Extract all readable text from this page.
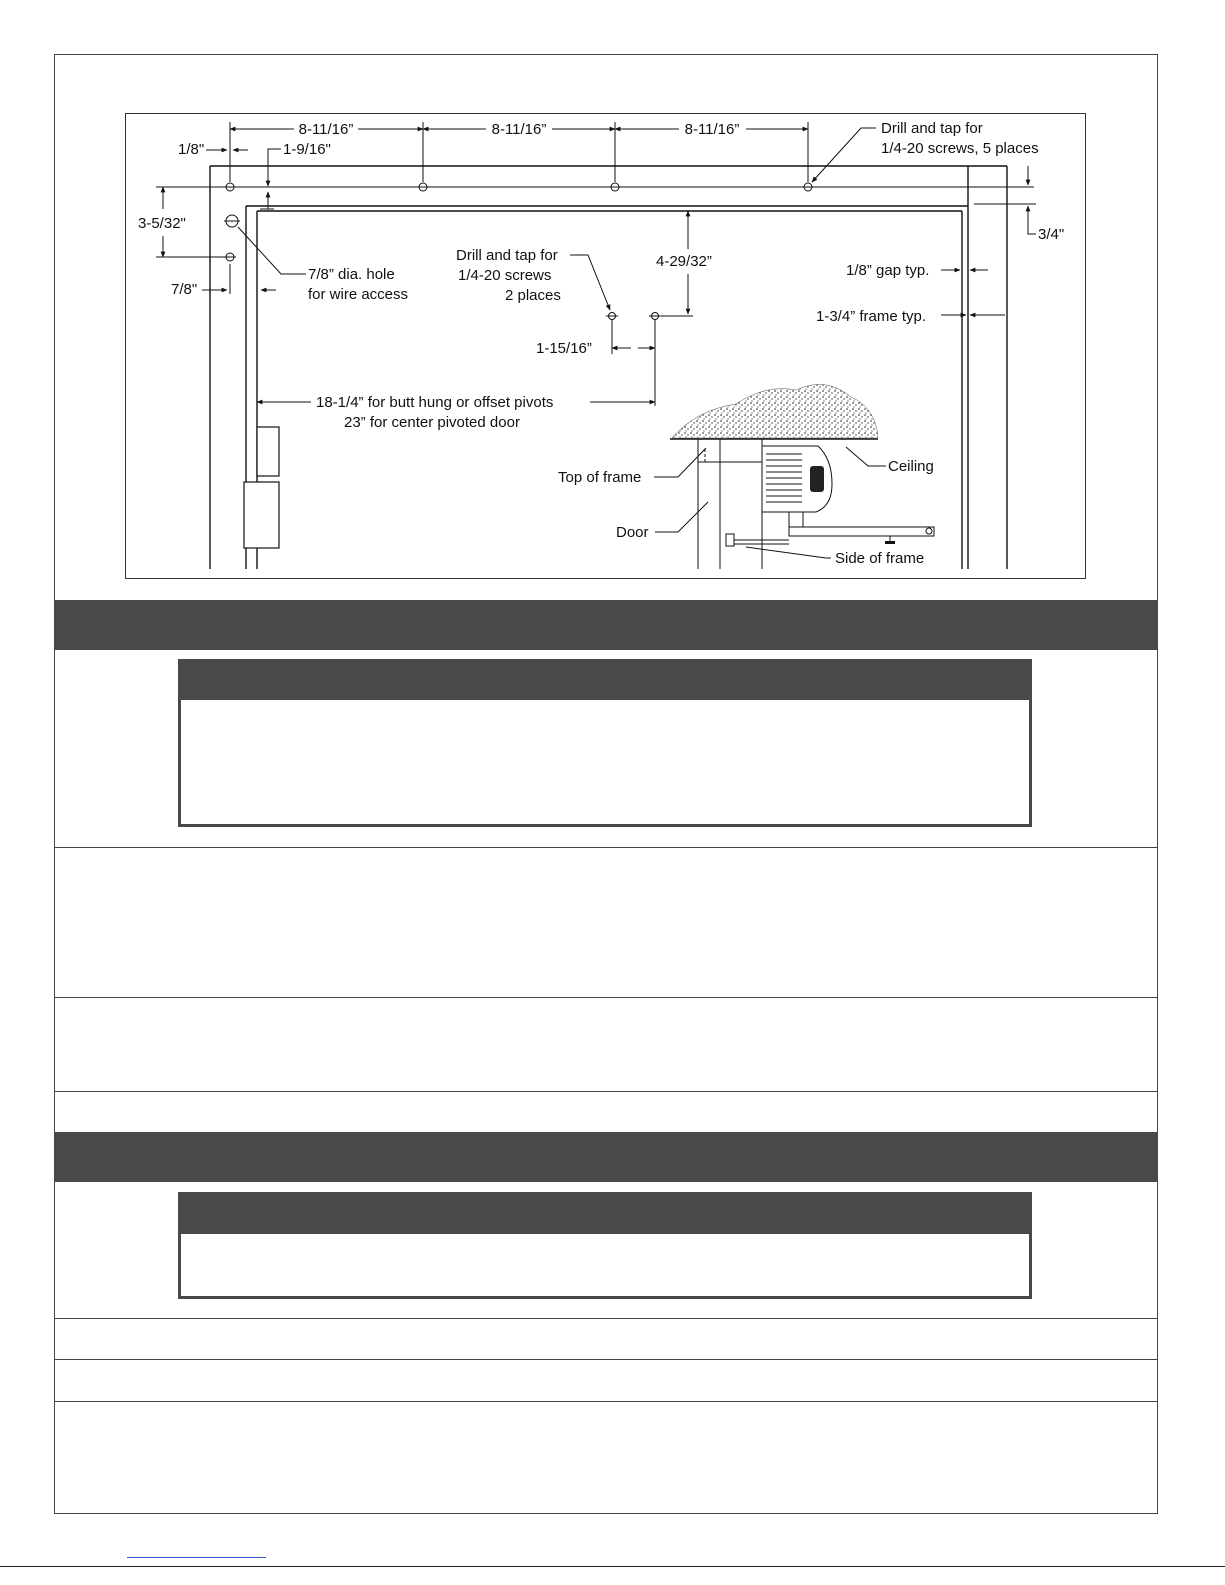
8-11/16”	8-11/16”	8-11/16”	Drill and tap for
1/4-20 screws, 5 places
1/8"	1-9/16"
3-5/32"
3/4"
7/8"
7/8” dia. hole
for wire access
Drill and tap for
1/4-20 screws
2 places
4-29/32”
1/8” gap typ.
1-3/4” frame typ.
1-15/16”
18-1/4” for butt hung or offset pivots
23” for center pivoted door
Top of frame
Ceiling
Door
Side of frame
